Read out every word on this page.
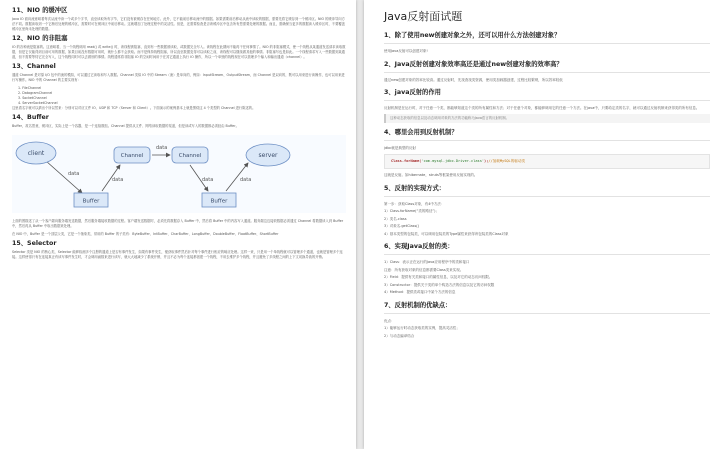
11、NIO 的缓冲区

Java IO 面向流意味着每次从流中读一个或多个字节，直至读取所有字节，它们没有被缓存在任何地方。此外，它不能前后移动流中的数据。如果需要前后移动从流中读取的数据，需要先将它缓存到一个缓冲区。NIO 的缓冲导向方法不同。数据读取到一个它稍后处理的缓冲区，需要时可在缓冲区中前后移动。这就增加了处理过程中的灵活性。但是，还需要检查是否该缓冲区中包含所有您需要处理的数据。而且，需确保当更多的数据读入缓冲区时，不要覆盖缓冲区里尚未处理的数据。

12、NIO 的非阻塞

IO 的各种流是阻塞的。这意味着，当一个线程调用 read() 或 write() 时，该线程被阻塞，直到有一些数据被读取，或数据完全写入。该线程在此期间不能再干任何事情了。NIO 的非阻塞模式，使一个线程从某通道发送请求读取数据，但是它仅能得到目前可用的数据，如果目前没有数据可用时，就什么都不会获取。而不是保持线程阻塞，所以直至数据变得可以读取之前，该线程可以继续做其他的事情。非阻塞写也是如此。一个线程请求写入一些数据到某通道，但不需要等待它完全写入，这个线程同时可以去做别的事情。线程通常将非阻塞 IO 的空闲时间用于在其它通道上执行 IO 操作，所以一个单独的线程现在可以管理多个输入和输出通道（channel）。

13、Channel

通道 Channel 是对原 I/O 包中的流的模拟，可以通过它读取和写入数据。Channel 类似 IO 中的 Stream（流）是单向的，例如：InputStream、OutputStream，而 Channel 是双向的，既可以用来进行读操作，也可以用来进行写操作。NIO 中的 Channel 的主要实现有：

1. FileChannel
2. DatagramChannel
3. SocketChannel
4. ServerSocketChannel

这里看名字就可以猜出个所以然来：分别可以对应文件 IO、UDP 和 TCP（Server 和 Client）。下面演示的案例基本上就是围绕这 4 个类型的 Channel 进行陈述的。

14、Buffer

Buffer，故名思意，缓冲区，实际上是一个容器，是一个连续数组。Channel 提供从文件、网络读取数据的渠道，但是读或写入的数据都必须经由 Buffer。

client
Buffer
Channel	Channel
Buffer
server
data
data
data
data	data

上面的图描述了从一个客户端向服务端发送数据，然后服务端接收数据的过程。客户端发送数据时，必须先将数据存入 Buffer 中，然后将 Buffer 中的内容写入通道。服务端这边接收数据必须通过 Channel 将数据读入到 Buffer 中，然后再从 Buffer 中取出数据来处理。

在 NIO 中，Buffer 是一个顶层父类，它是一个抽象类，常用的 Buffer 的子类有：ByteBuffer、IntBuffer、CharBuffer、LongBuffer、DoubleBuffer、FloatBuffer、ShortBuffer

15、Selector

Selector 类是 NIO 的核心类，Selector 能够检测多个注册的通道上是否有事件发生，如果有事件发生，便获取事件然后针对每个事件进行相应的响应处理。这样一来，只是用一个单线程就可以管理多个通道，也就是管理多个连接。这样使得只有在连接真正有读写事件发生时，才会调用函数来进行读写，就大大地减少了系统开销，并且不必为每个连接都创建一个线程，不用去维护多个线程，并且避免了多线程之间的上下文切换导致的开销。

Java反射面试题
1、除了使用new创建对象之外，还可以用什么方法创建对象？

使用Java反射可以创建对象!

2、Java反射创建对象效率高还是通过new创建对象的效率高？

通过new创建对象的效率比较高。通过反射时，先找查找类资源，使用类加载器创建，过程比较繁琐，所以效率较低

3、java反射的作用

反射机制是在运行时，对于任意一个类，都能够知道这个类的所有属性和方法；对于任意个对象，都能够调用它的任意一个方法。在java中，只要给定类的名字，就可以通过反射机制来获得类的所有信息。

这种动态获取的信息以及动态调用对象的方法的功能称为Java语言的反射机制。
4、哪里会用到反射机制？

jdbc就是典型的反射

Class.forName('com.mysql.jdbc.Driver.class');//加载MySQL的驱动类

这就是反射。如hibernate，struts等框架使用反射实现的。

5、反射的实现方式：

第一步：获取Class对象，有4中方法：

1）Class.forName(“类的路径”)；

2）类名.class

3）对象名.getClass()

4）基本类型的包装类，可以调用包装类的Type属性来获得该包装类的Class对象

6、实现Java反射的类：

1）Class：表示正在运行的Java应用程序中的类和接口

注意：所有获取对象的信息都需要Class类来实现。

2）Field：提供有关类和接口的属性信息，以及对它的动态访问权限。

3）Constructor：提供关于类的单个构造方法的信息以及它的访问权限

4）Method：提供类或接口中某个方法的信息

7、反射机制的优缺点：

优点：

1）能够运行时动态获取类的实例，提高灵活性；

2）与动态编译结合
